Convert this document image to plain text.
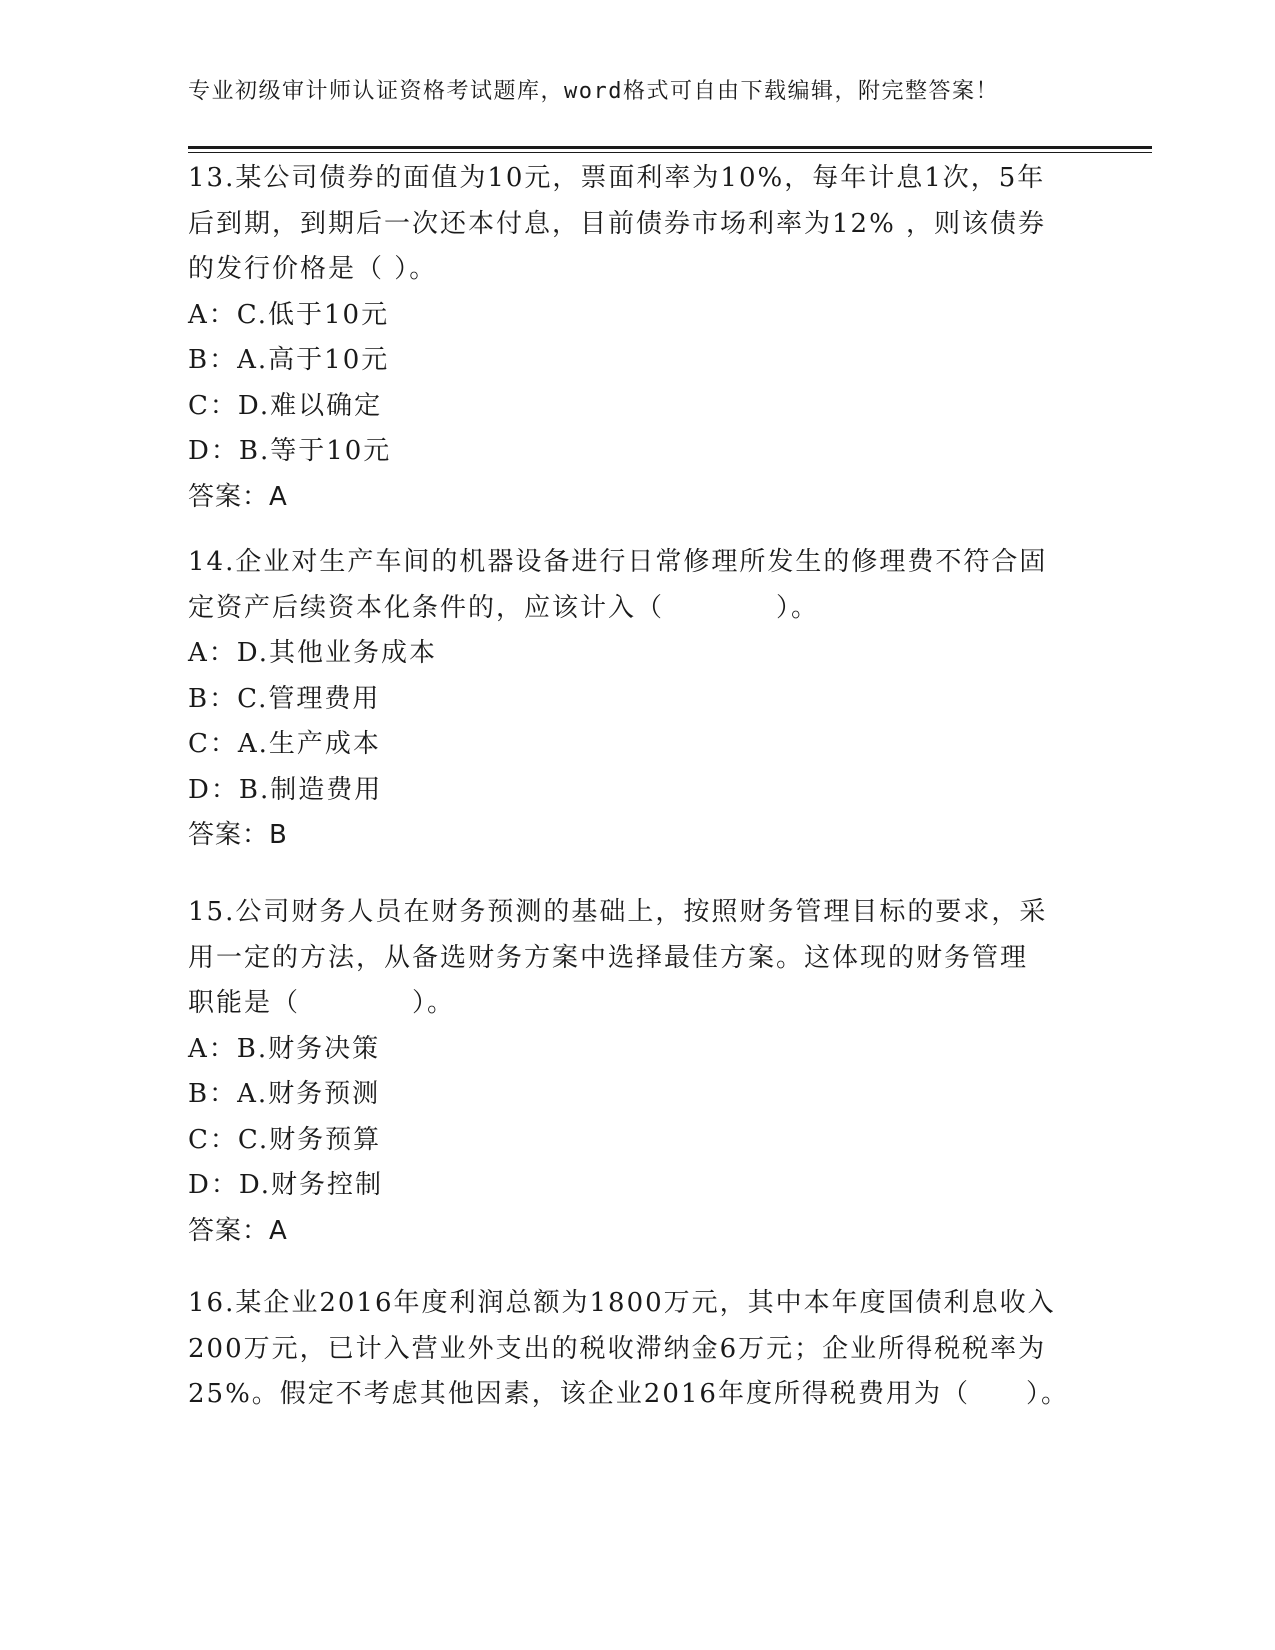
专业初级审计师认证资格考试题库，word格式可自由下载编辑，附完整答案！
13.某公司债券的面值为10元，票面利率为10%，每年计息1次，5年
后到期，到期后一次还本付息，目前债券市场利率为12% ，则该债券
的发行价格是（ ）。
A：C.低于10元
B：A.高于10元
C：D.难以确定
D：B.等于10元
答案：A
14.企业对生产车间的机器设备进行日常修理所发生的修理费不符合固
定资产后续资本化条件的，应该计入（　　　　）。
A：D.其他业务成本
B：C.管理费用
C：A.生产成本
D：B.制造费用
答案：B
15.公司财务人员在财务预测的基础上，按照财务管理目标的要求，采
用一定的方法，从备选财务方案中选择最佳方案。这体现的财务管理
职能是（　　　　）。
A：B.财务决策
B：A.财务预测
C：C.财务预算
D：D.财务控制
答案：A
16.某企业2016年度利润总额为1800万元，其中本年度国债利息收入
200万元，已计入营业外支出的税收滞纳金6万元；企业所得税税率为
25%。假定不考虑其他因素，该企业2016年度所得税费用为（　　）。
